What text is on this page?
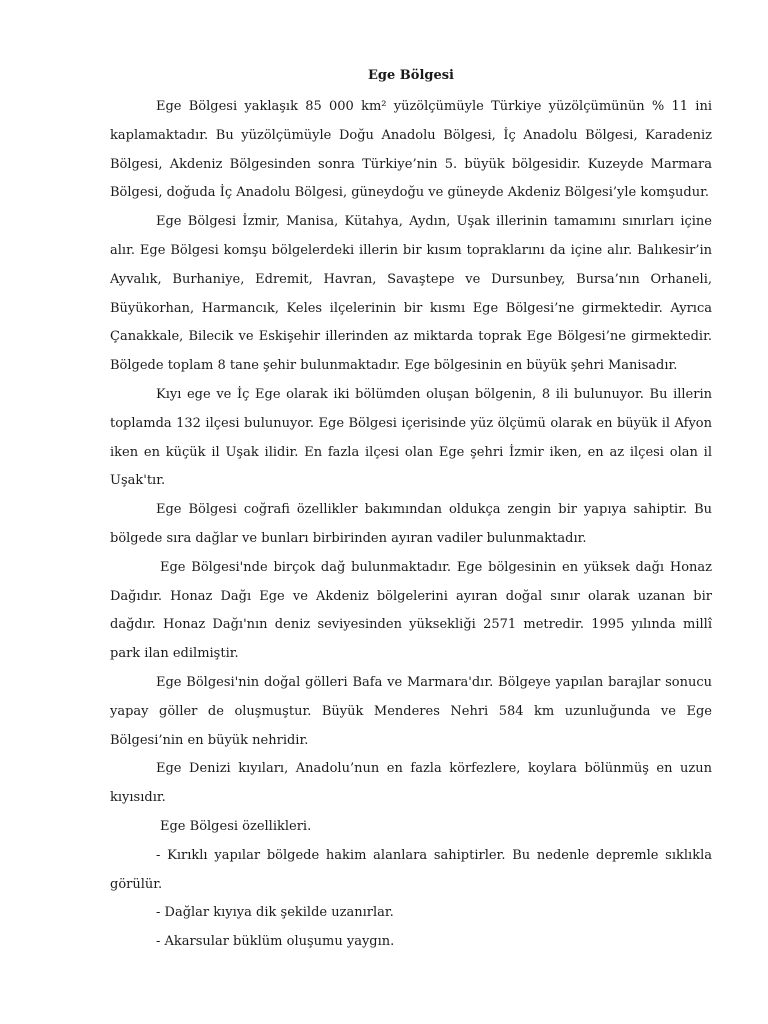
Ege Bölgesi

Ege Bölgesi yaklaşık 85 000 km² yüzölçümüyle Türkiye yüzölçümünün % 11 ini kaplamaktadır. Bu yüzölçümüyle Doğu Anadolu Bölgesi, İç Anadolu Bölgesi, Karadeniz Bölgesi, Akdeniz Bölgesinden sonra Türkiye’nin 5. büyük bölgesidir. Kuzeyde Marmara Bölgesi, doğuda İç Anadolu Bölgesi, güneydoğu ve güneyde Akdeniz Bölgesi’yle komşudur.

Ege Bölgesi İzmir, Manisa, Kütahya, Aydın, Uşak illerinin tamamını sınırları içine alır. Ege Bölgesi komşu bölgelerdeki illerin bir kısım topraklarını da içine alır. Balıkesir’in Ayvalık, Burhaniye, Edremit, Havran, Savaştepe ve Dursunbey, Bursa’nın Orhaneli, Büyükorhan, Harmancık, Keles ilçelerinin bir kısmı Ege Bölgesi’ne girmektedir. Ayrıca Çanakkale, Bilecik ve Eskişehir illerinden az miktarda toprak Ege Bölgesi’ne girmektedir. Bölgede toplam 8 tane şehir bulunmaktadır. Ege bölgesinin en büyük şehri Manisadır.

Kıyı ege ve İç Ege olarak iki bölümden oluşan bölgenin, 8 ili bulunuyor. Bu illerin toplamda 132 ilçesi bulunuyor. Ege Bölgesi içerisinde yüz ölçümü olarak en büyük il Afyon iken en küçük il Uşak ilidir. En fazla ilçesi olan Ege şehri İzmir iken, en az ilçesi olan il Uşak'tır.

Ege Bölgesi coğrafi özellikler bakımından oldukça zengin bir yapıya sahiptir. Bu bölgede sıra dağlar ve bunları birbirinden ayıran vadiler bulunmaktadır.

Ege Bölgesi'nde birçok dağ bulunmaktadır. Ege bölgesinin en yüksek dağı Honaz Dağıdır. Honaz Dağı Ege ve Akdeniz bölgelerini ayıran doğal sınır olarak uzanan bir dağdır. Honaz Dağı'nın deniz seviyesinden yüksekliği 2571 metredir. 1995 yılında millî park ilan edilmiştir.

Ege Bölgesi'nin doğal gölleri Bafa ve Marmara'dır. Bölgeye yapılan barajlar sonucu yapay göller de oluşmuştur. Büyük Menderes Nehri 584 km uzunluğunda ve Ege Bölgesi’nin en büyük nehridir.

Ege Denizi kıyıları, Anadolu’nun en fazla körfezlere, koylara bölünmüş en uzun kıyısıdır.

Ege Bölgesi özellikleri.

- Kırıklı yapılar bölgede hakim alanlara sahiptirler. Bu nedenle depremle sıklıkla görülür.

- Dağlar kıyıya dik şekilde uzanırlar.

- Akarsular büklüm oluşumu yaygın.
